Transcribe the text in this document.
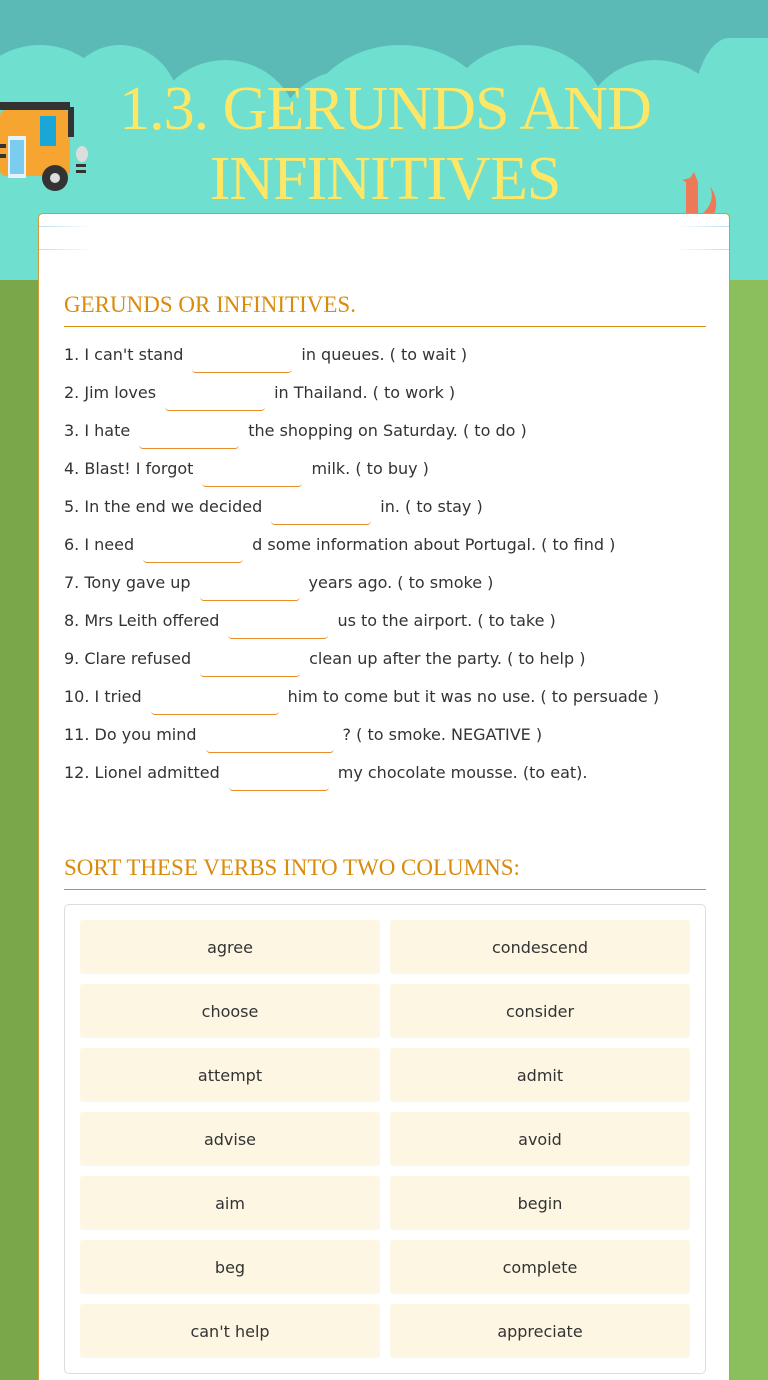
1.3. GERUNDS AND INFINITIVES
GERUNDS OR INFINITIVES.
1. I can't stand	in queues. ( to wait )
2. Jim loves	in Thailand. ( to work )
3. I hate	the shopping on Saturday. ( to do )
4. Blast! I forgot	milk. ( to buy )
5. In the end we decided	in. ( to stay )
6. I need	d some information about Portugal. ( to find )
7. Tony gave up	years ago. ( to smoke )
8. Mrs Leith offered	us to the airport. ( to take )
9. Clare refused	clean up after the party. ( to help )
10. I tried	him to come but it was no use. ( to persuade )
11. Do you mind	? ( to smoke. NEGATIVE )
12. Lionel admitted	my chocolate mousse. (to eat).
SORT THESE VERBS INTO TWO COLUMNS:
agree	condescend
choose	consider
attempt	admit
advise	avoid
aim	begin
beg	complete
can't help	appreciate
